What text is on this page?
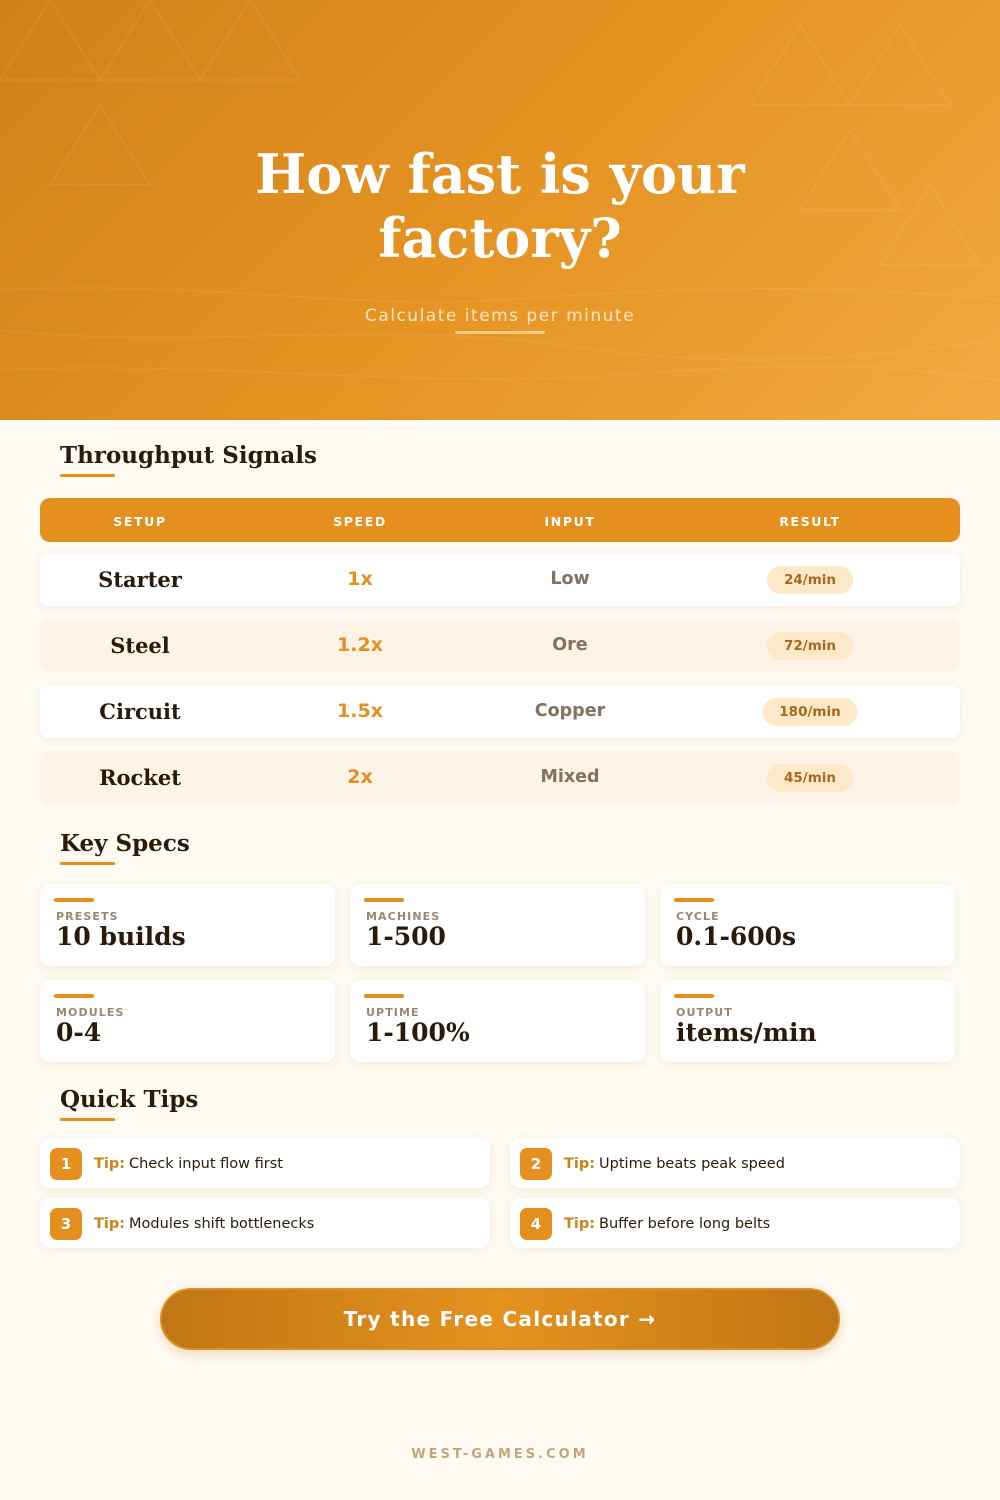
How fast is your
factory?
Calculate items per minute
Throughput Signals
SETUP	SPEED	INPUT	RESULT
Starter	1x	Low	24/min
Steel	1.2x	Ore	72/min
Circuit	1.5x	Copper	180/min
Rocket	2x	Mixed	45/min
Key Specs
PRESETS
10 builds
MACHINES
1-500
CYCLE
0.1-600s
MODULES
0-4
UPTIME
1-100%
OUTPUT
items/min
Quick Tips
1	Tip: Check input flow first	2	Tip: Uptime beats peak speed
3	Tip: Modules shift bottlenecks	4	Tip: Buffer before long belts
Try the Free Calculator →
WEST-GAMES.COM
